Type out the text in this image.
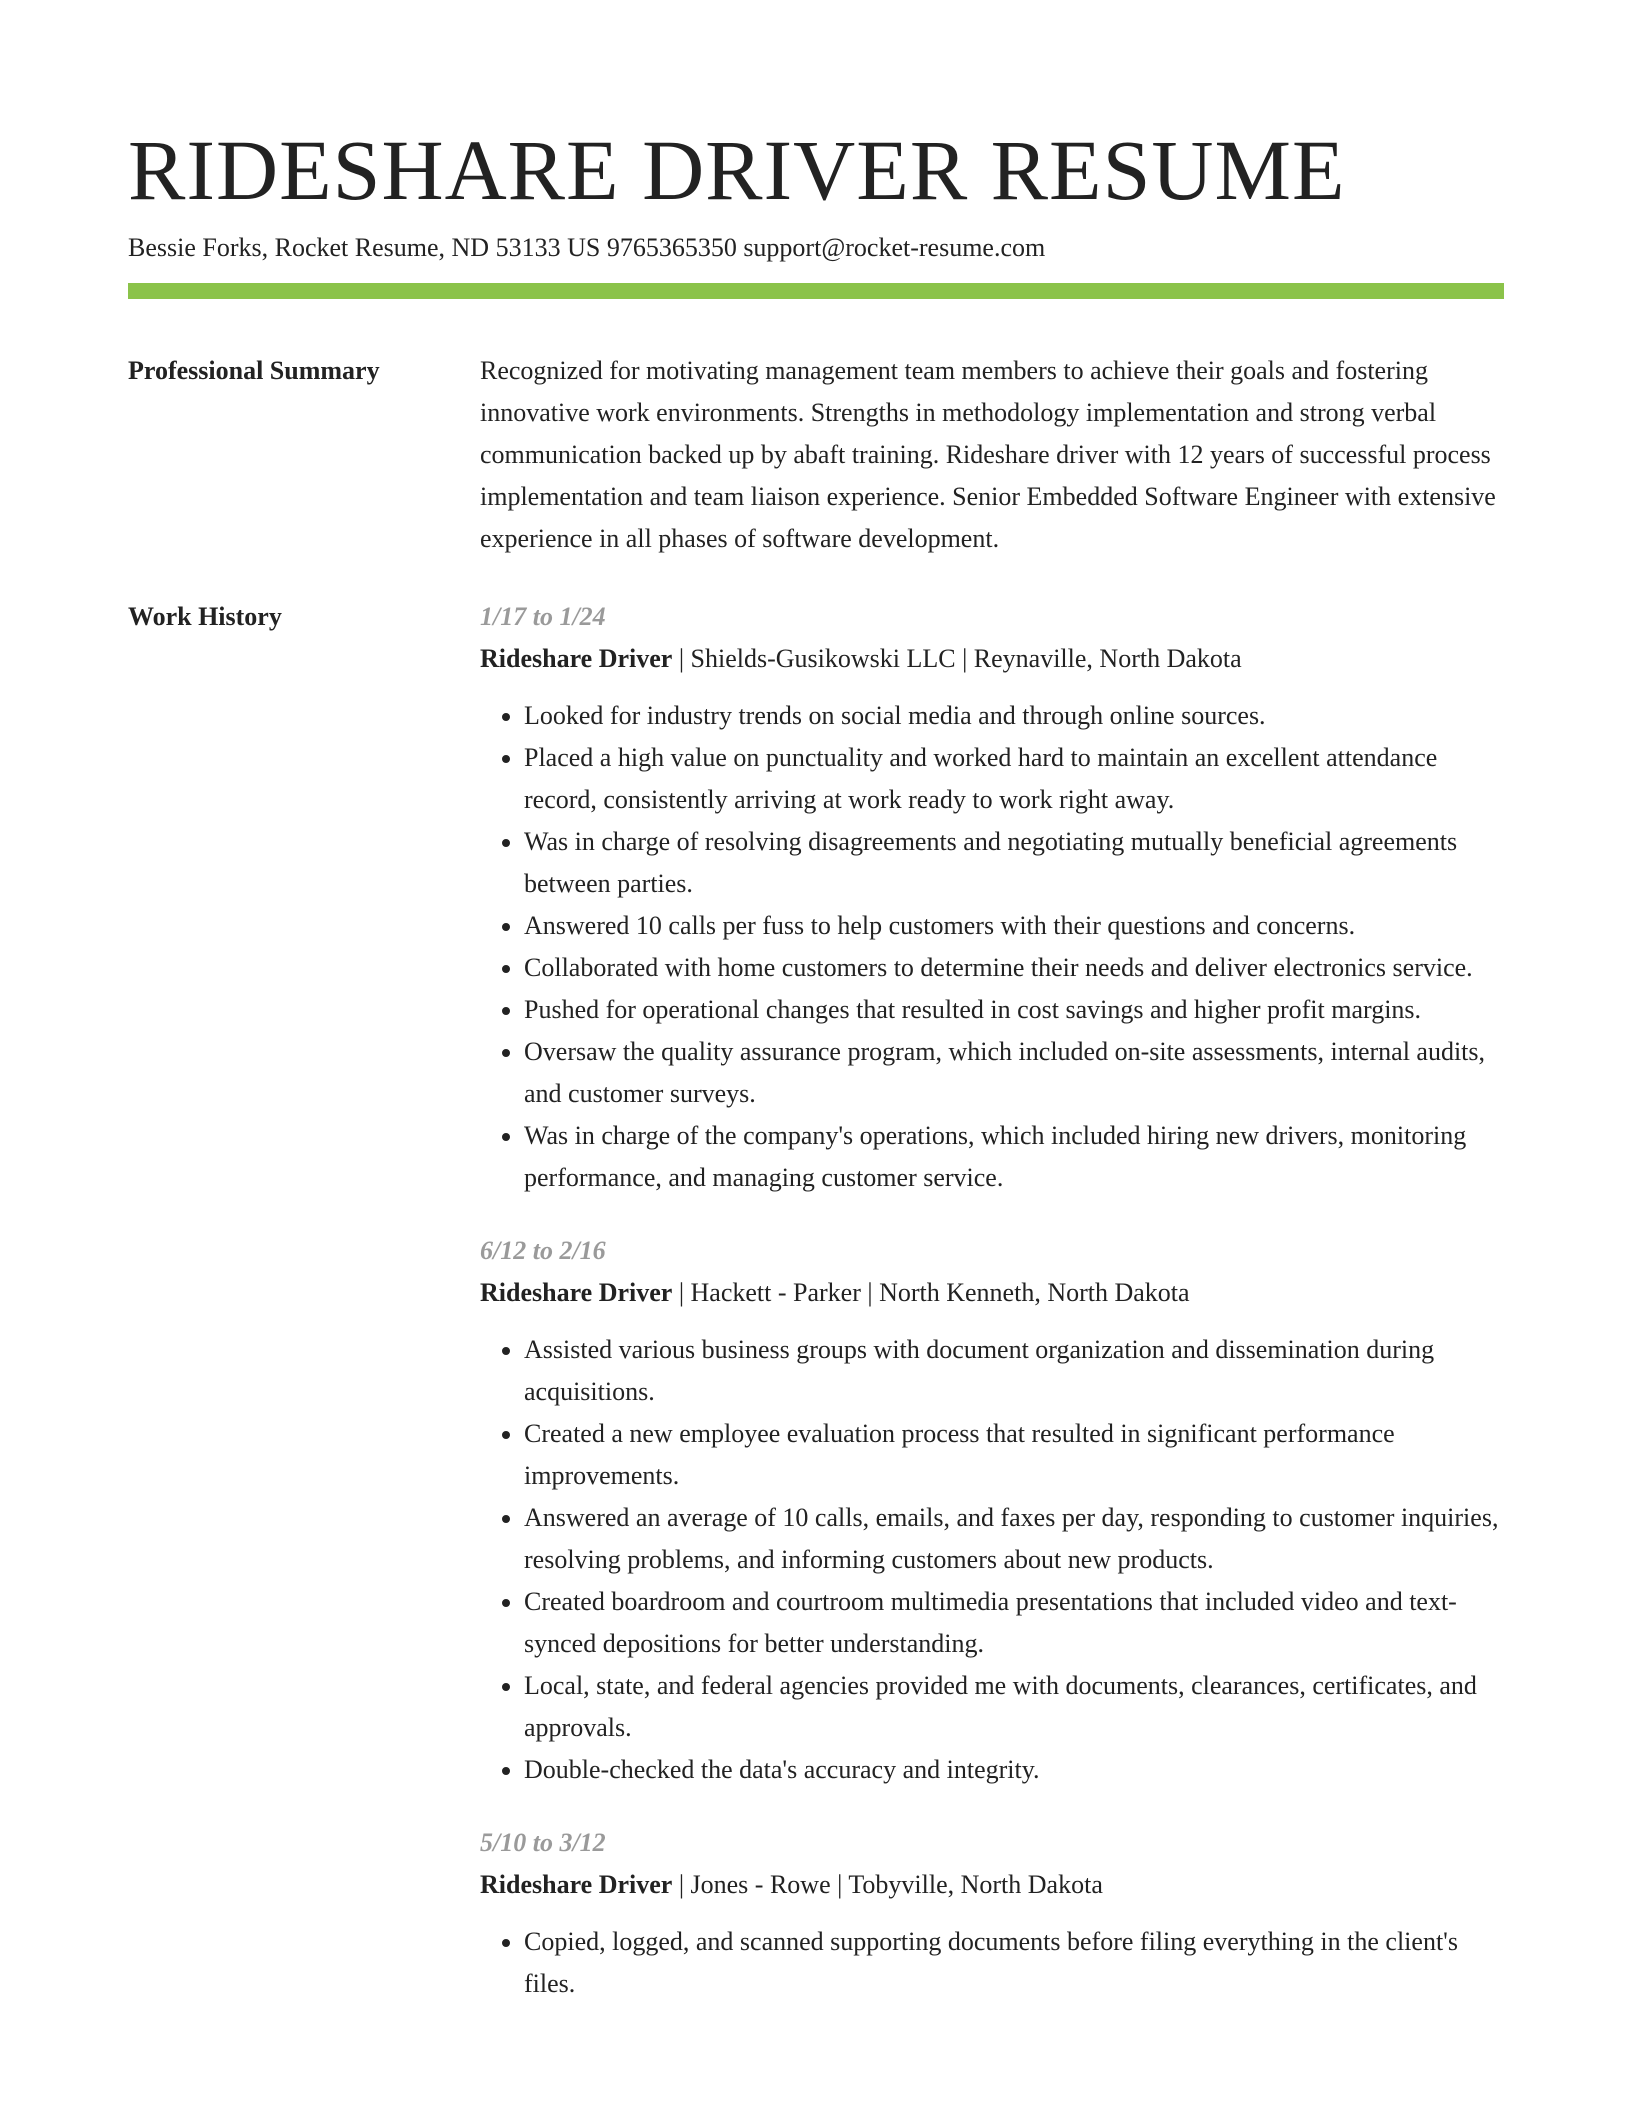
RIDESHARE DRIVER RESUME
Bessie Forks, Rocket Resume, ND 53133 US 9765365350 support@rocket-resume.com
Professional Summary	Recognized for motivating management team members to achieve their goals and fostering innovative work environments. Strengths in methodology implementation and strong verbal communication backed up by abaft training. Rideshare driver with 12 years of successful process implementation and team liaison experience. Senior Embedded Software Engineer with extensive experience in all phases of software development.

Work History	1/17 to 1/24
Rideshare Driver | Shields-Gusikowski LLC | Reynaville, North Dakota
• Looked for industry trends on social media and through online sources.
• Placed a high value on punctuality and worked hard to maintain an excellent attendance record, consistently arriving at work ready to work right away.
• Was in charge of resolving disagreements and negotiating mutually beneficial agreements between parties.
• Answered 10 calls per fuss to help customers with their questions and concerns.
• Collaborated with home customers to determine their needs and deliver electronics service.
• Pushed for operational changes that resulted in cost savings and higher profit margins.
• Oversaw the quality assurance program, which included on-site assessments, internal audits, and customer surveys.
• Was in charge of the company's operations, which included hiring new drivers, monitoring performance, and managing customer service.
6/12 to 2/16
Rideshare Driver | Hackett - Parker | North Kenneth, North Dakota
• Assisted various business groups with document organization and dissemination during acquisitions.
• Created a new employee evaluation process that resulted in significant performance improvements.
• Answered an average of 10 calls, emails, and faxes per day, responding to customer inquiries, resolving problems, and informing customers about new products.
• Created boardroom and courtroom multimedia presentations that included video and text-synced depositions for better understanding.
• Local, state, and federal agencies provided me with documents, clearances, certificates, and approvals.
• Double-checked the data's accuracy and integrity.
5/10 to 3/12
Rideshare Driver | Jones - Rowe | Tobyville, North Dakota
• Copied, logged, and scanned supporting documents before filing everything in the client's files.
